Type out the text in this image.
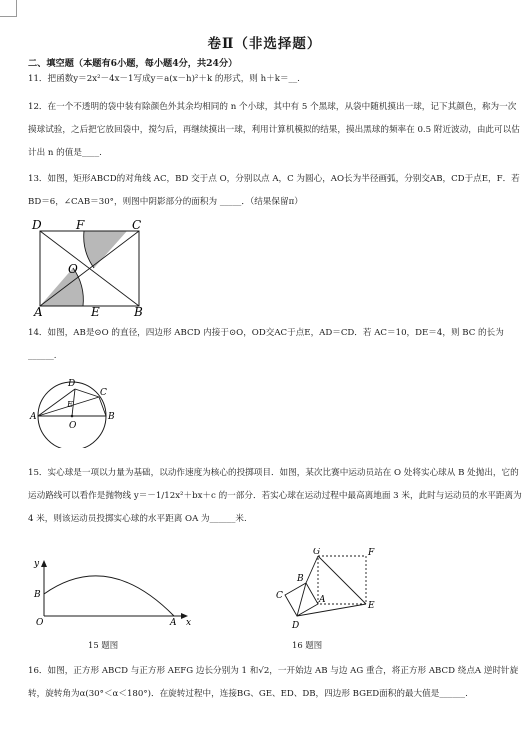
卷Ⅱ（非选择题）
二、填空题（本题有6小题，每小题4分，共24分）
11．把函数y＝2x²－4x－1写成y＝a(x－h)²＋k 的形式，则 h＋k＝__.
12．在一个不透明的袋中装有除颜色外其余均相同的 n 个小球，其中有 5 个黑球，从袋中随机摸出一球，记下其颜色，称为一次摸球试验，之后把它放回袋中，搅匀后，再继续摸出一球，利用计算机模拟的结果，摸出黑球的频率在 0.5 附近波动，由此可以估计出 n 的值是____.
13．如图，矩形ABCD的对角线 AC，BD 交于点 O，分别以点 A，C 为圆心，AO长为半径画弧，分别交AB，CD于点E，F．若BD＝6，∠CAB＝30°，则图中阴影部分的面积为 _____．（结果保留π）
D	F	C
O
A	E	B
14．如图，AB是⊙O 的直径，四边形 ABCD 内接于⊙O，OD交AC于点E，AD＝CD．若 AC＝10，DE＝4，则 BC 的长为______.
D
C
E
A
O
B
15．实心球是一项以力量为基础，以动作速度为核心的投掷项目．如图，某次比赛中运动员站在 O 处将实心球从 B 处抛出，它的运动路线可以看作是抛物线 y＝－1/12x²＋bx＋c 的一部分．若实心球在运动过程中最高离地面 3 米，此时与运动员的水平距离为 4 米，则该运动员投掷实心球的水平距离 OA 为______米.
y
B
O	A x
15 题图
G	F
B
C	A
E
D
16 题图
16．如图，正方形 ABCD 与正方形 AEFG 边长分别为 1 和√2，一开始边 AB 与边 AG 重合，将正方形 ABCD 绕点A 逆时针旋转，旋转角为α(30°＜α＜180°)．在旋转过程中，连接BG、GE、ED、DB，四边形 BGED面积的最大值是______.
